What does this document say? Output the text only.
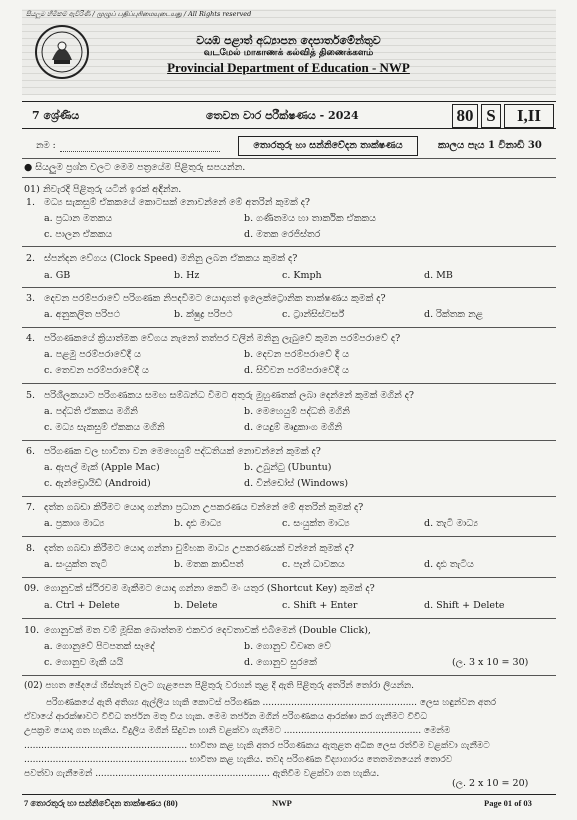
සියලුම හිමිකම් ඇවිරිණි / முழுப் பதிப்புரிமையுடையது / All Rights reserved
වයඹ පළාත් අධ්‍යාපන දෙපාර්තමේන්තුව
வடமேல் மாகாணக் கல்வித் திணைக்களம்
Provincial Department of Education - NWP
7 ශ්‍රේණිය	තෙවන වාර පරීක්ෂණය - 2024	80 S	I,II
නම :	තොරතුරු හා සන්නිවේදන තාක්ෂණය	කාලය පැය 1 විනාඩි 30
● සියලුම ප්‍රශ්න වලට මෙම පත්‍රයේම පිළිතුරු සපයන්න.
01) නිවැරදි පිළිතුරු යටින් ඉරක් අඳින්න.
1. මධ්‍ය සැකසුම් ඒකකයේ කොටසක් නොවන්නේ මේ අතරින් කුමක් ද?
a. ප්‍රධාන මතකය	b. ගණිතමය හා තාර්කික ඒකකය
c. පාලන ඒකකය	d. මතක රෙජිස්තර
2. ස්පන්දන වේගය (Clock Speed) මනිනු ලබන ඒකකය කුමක් ද?
a. GB	b. Hz	c. Kmph	d. MB
3. දෙවන පරම්පරාවේ පරිගණක නිපදවීමට යොදාගත් ඉලෙක්ට්‍රොනික තාක්ෂණය කුමක් ද?
a. අනුකලිත පරිපථ	b. ක්ෂුද්‍ර පරිපථ	c. ට්‍රාන්සිස්ටර්ස්	d. රික්තක නළ
4. පරිගණකයේ ක්‍රියාත්මක වේගය නැනෝ තත්පර වලින් මනිනු ලැබුවේ කුමන පරම්පරාවේ ද?
a. පළමු පරම්පරාවේදී ය	b. දෙවන පරම්පරාවේ දී ය
c. තෙවන පරම්පරාවේදී ය	d. සිව්වන පරම්පරාවේදී ය
5. පරිශීලකයාට පරිගණකය සමඟ සම්බන්ධ වීමට අතුරු මුහුණතක් ලබා දෙන්නේ කුමක් මගින් ද?
a. පද්ධති ඒකකය මගිනි	b. මෙහෙයුම් පද්ධති මගිනි
c. මධ්‍ය සැකසුම් ඒකකය මගිනි	d. යෙදුම් මෘදුකාංග මගිනි
6. පරිගණක වල භාවිතා වන මෙහෙයුම් පද්ධතියක් නොවන්නේ කුමක් ද?
a. ඇපල් මැක් (Apple Mac)	b. උබුන්ටු (Ubuntu)
c. ඇන්ඩ්‍රොයිඩ් (Android)	d. වින්ඩෝස් (Windows)
7. දත්ත ගබඩා කිරීමට යොදා ගන්නා ප්‍රධාන උපකරණය වන්නේ මේ අතරින් කුමක් ද?
a. ප්‍රකාශ මාධ්‍ය	b. දෘඪ මාධ්‍ය	c. සංයුක්ත මාධ්‍ය	d. තැටි මාධ්‍ය
8. දත්ත ගබඩා කිරීමට යොදා ගන්නා චුම්භක මාධ්‍ය උපකරණයක් වන්නේ කුමක් ද?
a. සංයුක්ත තැටි	b. මතක කාඩ්පත්	c. පෑන් ධාවකය	d. දෘඪ තැටිය
09. ගොනුවක් ස්ථිරවම මැකීමට යොදා ගන්නා කෙටි මං යතුර (Shortcut Key) කුමක් ද?
a. Ctrl + Delete	b. Delete	c. Shift + Enter	d. Shift + Delete
10. ගොනුවක් මත වම් මූසික බොත්තම එකවර දෙවතාවක් එබීමෙන් (Double Click),
a. ගොනුවේ පිටපතක් සෑදේ	b. ගොනුව විවෘත වේ
c. ගොනුව මැකී යයි	d. ගොනුව සුරකේ	(ල. 3 x 10 = 30)
(02) පහත ඡේදයේ හිස්තැන් වලට ගැළපෙන පිළිතුරු වරහන් තුළ දී ඇති පිළිතුරු අතරින් තෝරා ලියන්න.
පරිගණකයේ ඇති අතිශ්‍ය ඇල්ලිය හැකි කොටස් පරිගණක ...................................................... ලෙස හඳුන්වන අතර
ඒවායේ ආරක්ෂාවට විවිධ තර්ජන මතු විය හැක. මෙම තර්ජන මගින් පරිගණකය ආරක්ෂා කර ගැනීමට විවිධ
උපක්‍රම යොදා ගත හැකිය. විදුලිය මගින් සිදුවන හානි වළක්වා ගැනීමට ................................................ මෙන්ම
......................................................... භාවිතා කළ හැකි අතර පරිගණකය ඇතුළත අධික ලෙස රත්වීම වළක්වා ගැනීමට
......................................................... භාවිතා කළ හැකිය. තවද පරිගණක විද්‍යාගාරය තෙතමනයෙන් තොරව
පවත්වා ගැනීමෙන් ............................................................. ඇතිවීම වළක්වා ගත හැකිය.
(ල. 2 x 10 = 20)
7 තොරතුරු හා සන්නිවේදන තාක්ෂණය (80)	NWP	Page 01 of 03
